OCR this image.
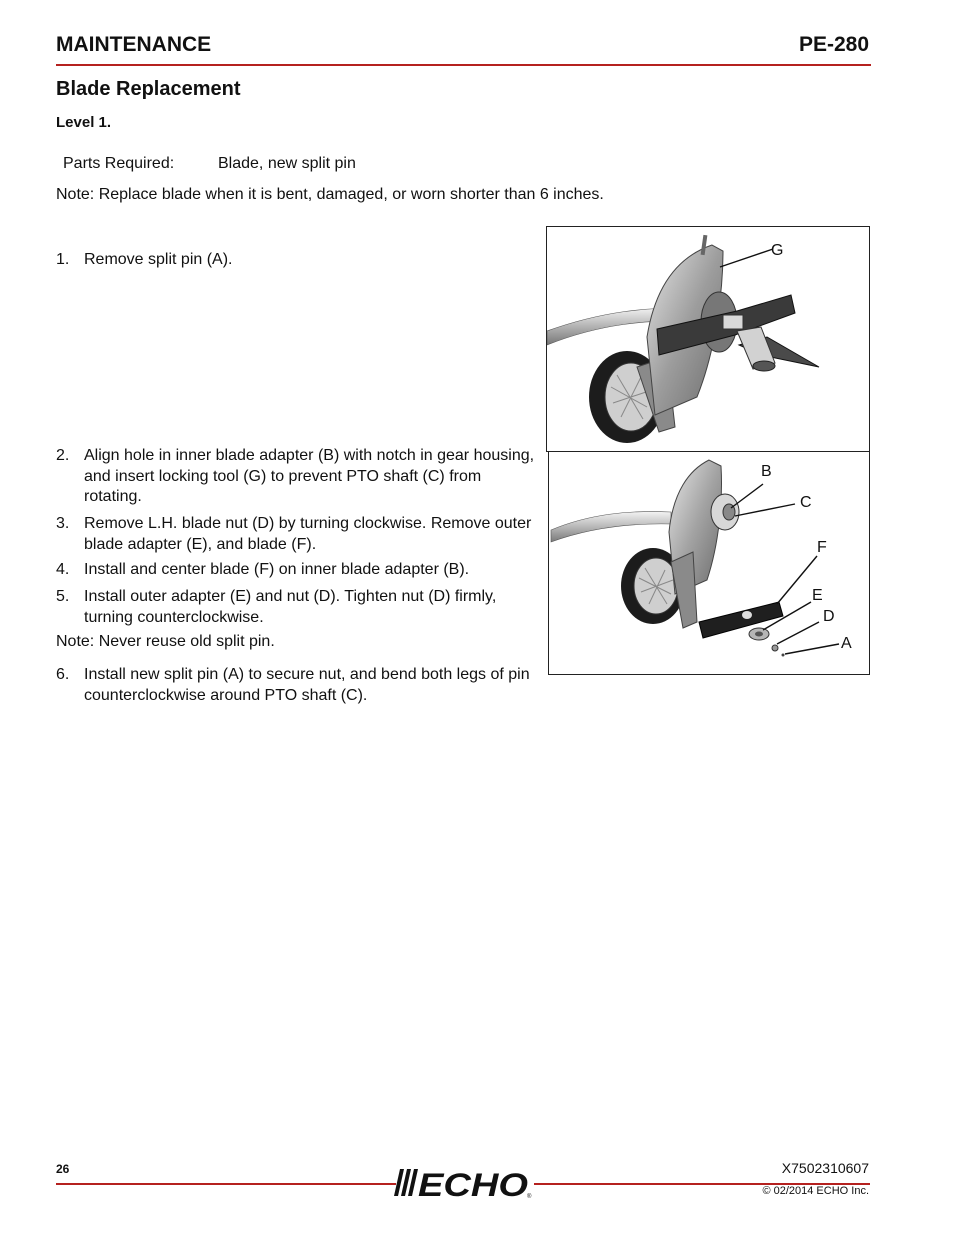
MAINTENANCE	PE-280
Blade Replacement
Level 1.
Parts Required:	Blade, new split pin
Note: Replace blade when it is bent, damaged, or worn shorter than 6 inches.
1. Remove split pin (A).
2. Align hole in inner blade adapter (B) with notch in gear housing, and insert locking tool (G) to prevent PTO shaft (C) from rotating.
3. Remove L.H. blade nut (D) by turning clockwise. Remove outer blade adapter (E), and blade (F).
4. Install and center blade (F) on inner blade adapter (B).
5. Install outer adapter (E) and nut (D). Tighten nut (D) firmly, turning counterclockwise.
Note: Never reuse old split pin.
6. Install new split pin (A) to secure nut, and bend both legs of pin counterclockwise around PTO shaft (C).
G
B
C
F
E
D
A
26	ECHO
®
X7502310607
© 02/2014 ECHO Inc.
